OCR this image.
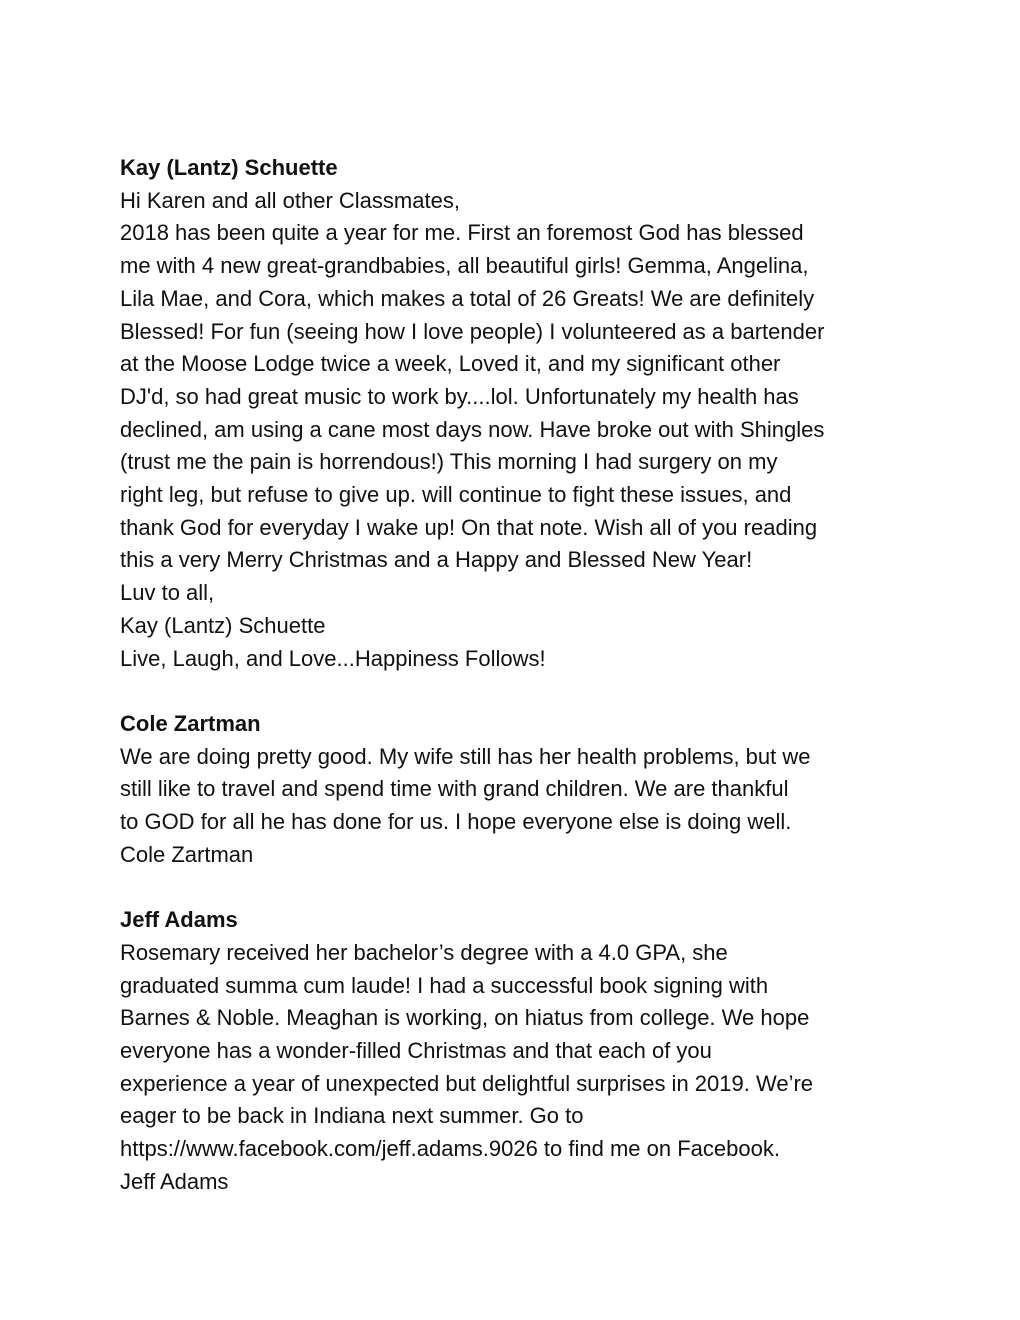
Kay (Lantz) Schuette
Hi Karen and all other Classmates,
2018 has been quite a year for me. First an foremost God has blessed
me with 4 new great-grandbabies, all beautiful girls! Gemma, Angelina,
Lila Mae, and Cora, which makes a total of 26 Greats! We are definitely
Blessed! For fun (seeing how I love people) I volunteered as a bartender
at the Moose Lodge twice a week, Loved it, and my significant other
DJ'd, so had great music to work by....lol. Unfortunately my health has
declined, am using a cane most days now. Have broke out with Shingles
(trust me the pain is horrendous!) This morning I had surgery on my
right leg, but refuse to give up. will continue to fight these issues, and
thank God for everyday I wake up! On that note. Wish all of you reading
this a very Merry Christmas and a Happy and Blessed New Year!
Luv to all,
Kay (Lantz) Schuette
Live, Laugh, and Love...Happiness Follows!
Cole Zartman
We are doing pretty good. My wife still has her health problems, but we
still like to travel and spend time with grand children. We are thankful
to GOD for all he has done for us. I hope everyone else is doing well.
Cole Zartman
Jeff Adams
Rosemary received her bachelor’s degree with a 4.0 GPA, she
graduated summa cum laude! I had a successful book signing with
Barnes & Noble. Meaghan is working, on hiatus from college. We hope
everyone has a wonder-filled Christmas and that each of you
experience a year of unexpected but delightful surprises in 2019. We’re
eager to be back in Indiana next summer. Go to
https://www.facebook.com/jeff.adams.9026 to find me on Facebook.
Jeff Adams
